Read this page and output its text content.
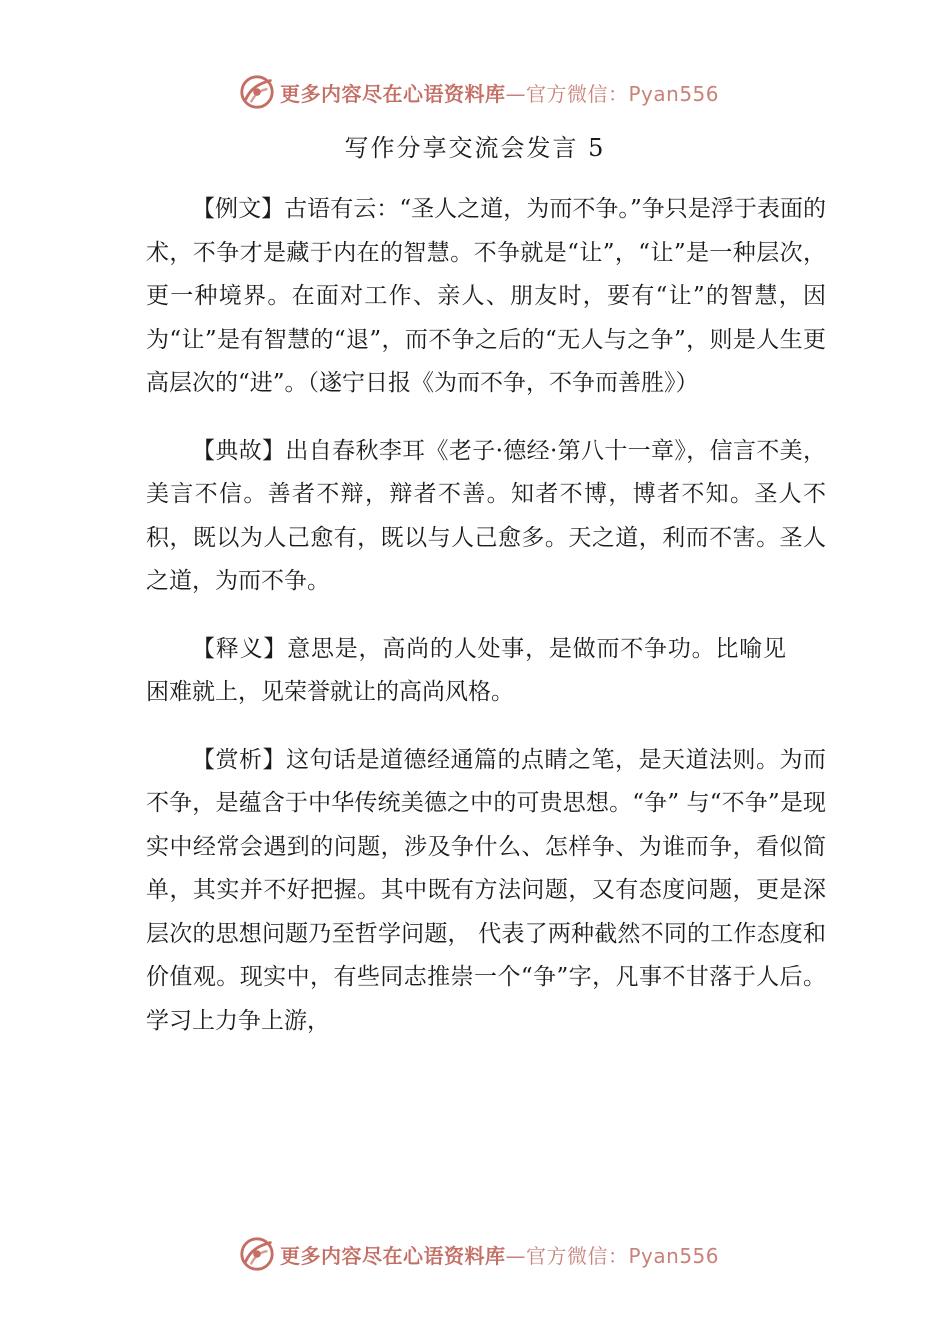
更多内容尽在心语资料库—官方微信：Pyan556
写作分享交流会发言 5

【例文】古语有云：“圣人之道，为而不争。”争只是浮于表面的术，不争才是藏于内在的智慧。不争就是“让”，“让”是一种层次，更一种境界。在面对工作、亲人、朋友时，要有“让”的智慧，因为“让”是有智慧的“退”，而不争之后的“无人与之争”，则是人生更高层次的“进”。（遂宁日报《为而不争，不争而善胜》）

【典故】出自春秋李耳《老子·德经·第八十一章》，信言不美，美言不信。善者不辩，辩者不善。知者不博，博者不知。圣人不积，既以为人己愈有，既以与人己愈多。天之道，利而不害。圣人之道，为而不争。

【释义】意思是，高尚的人处事，是做而不争功。比喻见困难就上，见荣誉就让的高尚风格。

【赏析】这句话是道德经通篇的点睛之笔，是天道法则。为而不争，是蕴含于中华传统美德之中的可贵思想。“争” 与“不争”是现实中经常会遇到的问题，涉及争什么、怎样争、为谁而争，看似简单，其实并不好把握。其中既有方法问题，又有态度问题，更是深层次的思想问题乃至哲学问题， 代表了两种截然不同的工作态度和价值观。现实中，有些同志推崇一个“争”字，凡事不甘落于人后。学习上力争上游，

更多内容尽在心语资料库—官方微信：Pyan556
